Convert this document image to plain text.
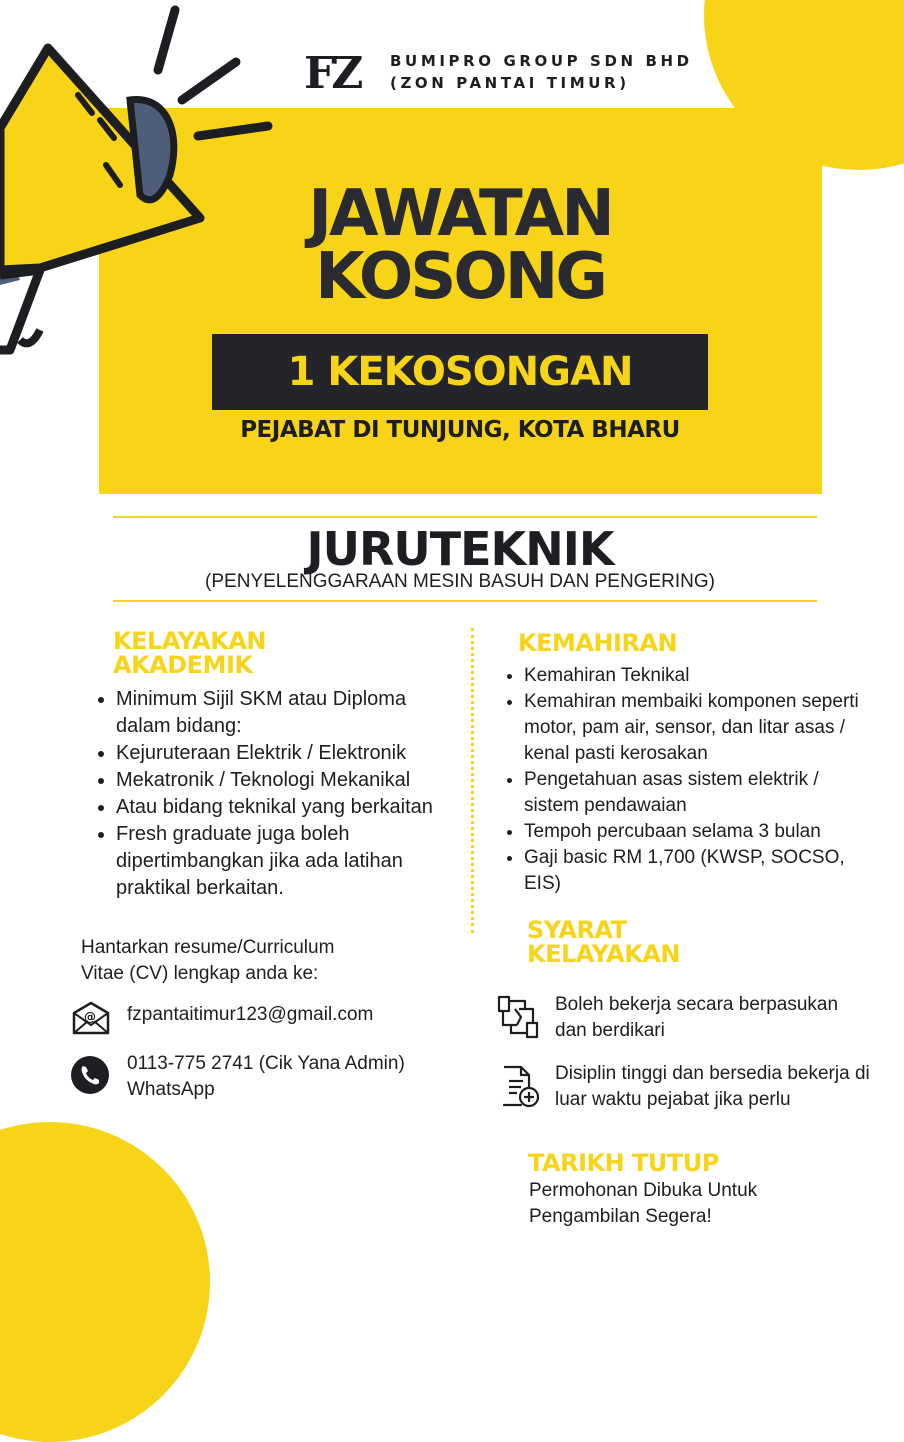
FZ BUMIPRO GROUP SDN BHD
(ZON PANTAI TIMUR)
JAWATAN
KOSONG
1 KEKOSONGAN
PEJABAT DI TUNJUNG, KOTA BHARU
JURUTEKNIK
(PENYELENGGARAAN MESIN BASUH DAN PENGERING)
KELAYAKAN
AKADEMIK
• Minimum Sijil SKM atau Diploma dalam bidang:
• Kejuruteraan Elektrik / Elektronik
• Mekatronik / Teknologi Mekanikal
• Atau bidang teknikal yang berkaitan
• Fresh graduate juga boleh dipertimbangkan jika ada latihan praktikal berkaitan.
KEMAHIRAN
• Kemahiran Teknikal
• Kemahiran membaiki komponen seperti motor, pam air, sensor, dan litar asas / kenal pasti kerosakan
• Pengetahuan asas sistem elektrik / sistem pendawaian
• Tempoh percubaan selama 3 bulan
• Gaji basic RM 1,700 (KWSP, SOCSO, EIS)
Hantarkan resume/Curriculum Vitae (CV) lengkap anda ke:
@ fzpantaitimur123@gmail.com
0113-775 2741 (Cik Yana Admin)
WhatsApp
SYARAT
KELAYAKAN
Boleh bekerja secara berpasukan dan berdikari
Disiplin tinggi dan bersedia bekerja di luar waktu pejabat jika perlu
TARIKH TUTUP
Permohonan Dibuka Untuk
Pengambilan Segera!
